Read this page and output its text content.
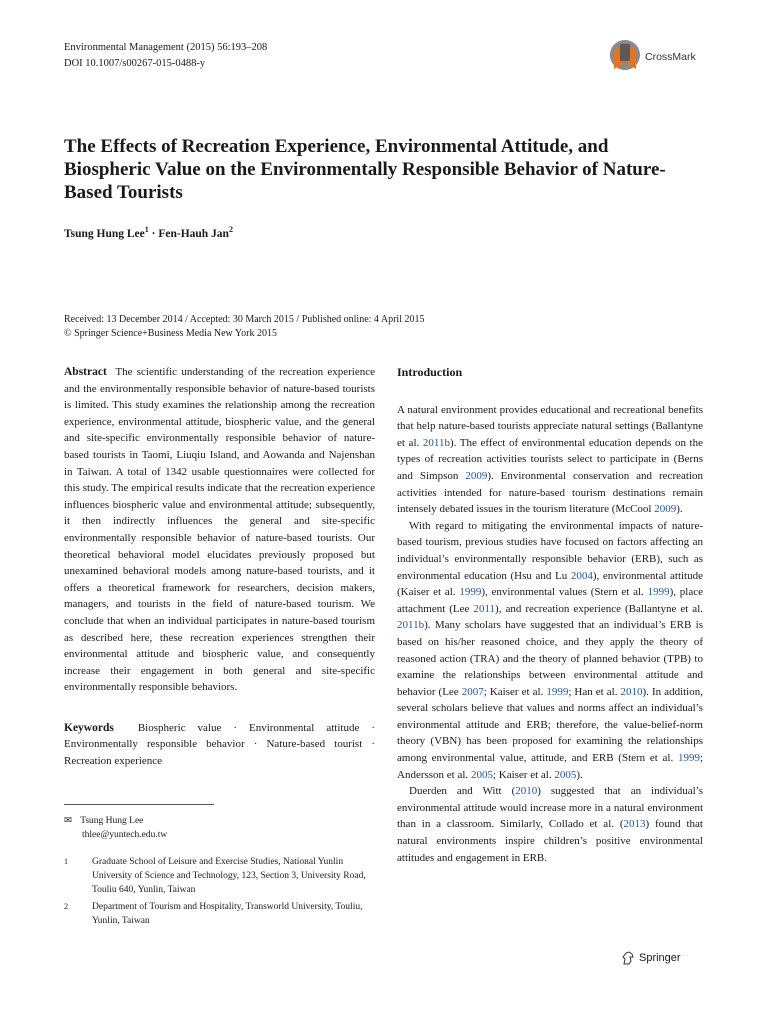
Environmental Management (2015) 56:193–208
DOI 10.1007/s00267-015-0488-y
CrossMark
The Effects of Recreation Experience, Environmental Attitude, and Biospheric Value on the Environmentally Responsible Behavior of Nature-Based Tourists
Tsung Hung Lee$^1$ · Fen-Hauh Jan$^2$
Received: 13 December 2014 / Accepted: 30 March 2015 / Published online: 4 April 2015
© Springer Science+Business Media New York 2015

Abstract The scientific understanding of the recreation experience and the environmentally responsible behavior of nature-based tourists is limited. This study examines the relationship among the recreation experience, environmental attitude, biospheric value, and the general and site-specific environmentally responsible behavior of nature-based tourists in Taomi, Liuqiu Island, and Aowanda and Najenshan in Taiwan. A total of 1342 usable questionnaires were collected for this study. The empirical results indicate that the recreation experience influences biospheric value and environmental attitude; subsequently, it then indirectly influences the general and site-specific environmentally responsible behavior of nature-based tourists. Our theoretical behavioral model elucidates previously proposed but unexamined behavioral models among nature-based tourists, and it offers a theoretical framework for researchers, decision makers, managers, and tourists in the field of nature-based tourism. We conclude that when an individual participates in nature-based tourism as described here, these recreation experiences strengthen their environmental attitude and biospheric value, and consequently increase their engagement in both general and site-specific environmentally responsible behaviors.

Keywords Biospheric value · Environmental attitude · Environmentally responsible behavior · Nature-based tourist · Recreation experience

✉ Tsung Hung Lee
thlee@yuntech.edu.tw
1	Graduate School of Leisure and Exercise Studies, National Yunlin University of Science and Technology, 123, Section 3, University Road, Touliu 640, Yunlin, Taiwan
2	Department of Tourism and Hospitality, Transworld University, Touliu, Yunlin, Taiwan

Introduction

A natural environment provides educational and recreational benefits that help nature-based tourists appreciate natural settings (Ballantyne et al. 2011b). The effect of environmental education depends on the types of recreation activities tourists select to participate in (Berns and Simpson 2009). Environmental conservation and recreation activities intended for nature-based tourism destinations remain intensely debated issues in the tourism literature (McCool 2009).

With regard to mitigating the environmental impacts of nature-based tourism, previous studies have focused on factors affecting an individual’s environmentally responsible behavior (ERB), such as environmental education (Hsu and Lu 2004), environmental attitude (Kaiser et al. 1999), environmental values (Stern et al. 1999), place attachment (Lee 2011), and recreation experience (Ballantyne et al. 2011b). Many scholars have suggested that an individual’s ERB is based on his/her reasoned choice, and they apply the theory of reasoned action (TRA) and the theory of planned behavior (TPB) to examine the relationships between environmental attitude and behavior (Lee 2007; Kaiser et al. 1999; Han et al. 2010). In addition, several scholars believe that values and norms affect an individual’s environmental attitude and ERB; therefore, the value-belief-norm theory (VBN) has been proposed for examining the relationships among environmental value, attitude, and ERB (Stern et al. 1999; Andersson et al. 2005; Kaiser et al. 2005).

Duerden and Witt (2010) suggested that an individual’s environmental attitude would increase more in a natural environment than in a classroom. Similarly, Collado et al. (2013) found that natural environments inspire children’s positive environmental attitudes and engagement in ERB.

Springer
